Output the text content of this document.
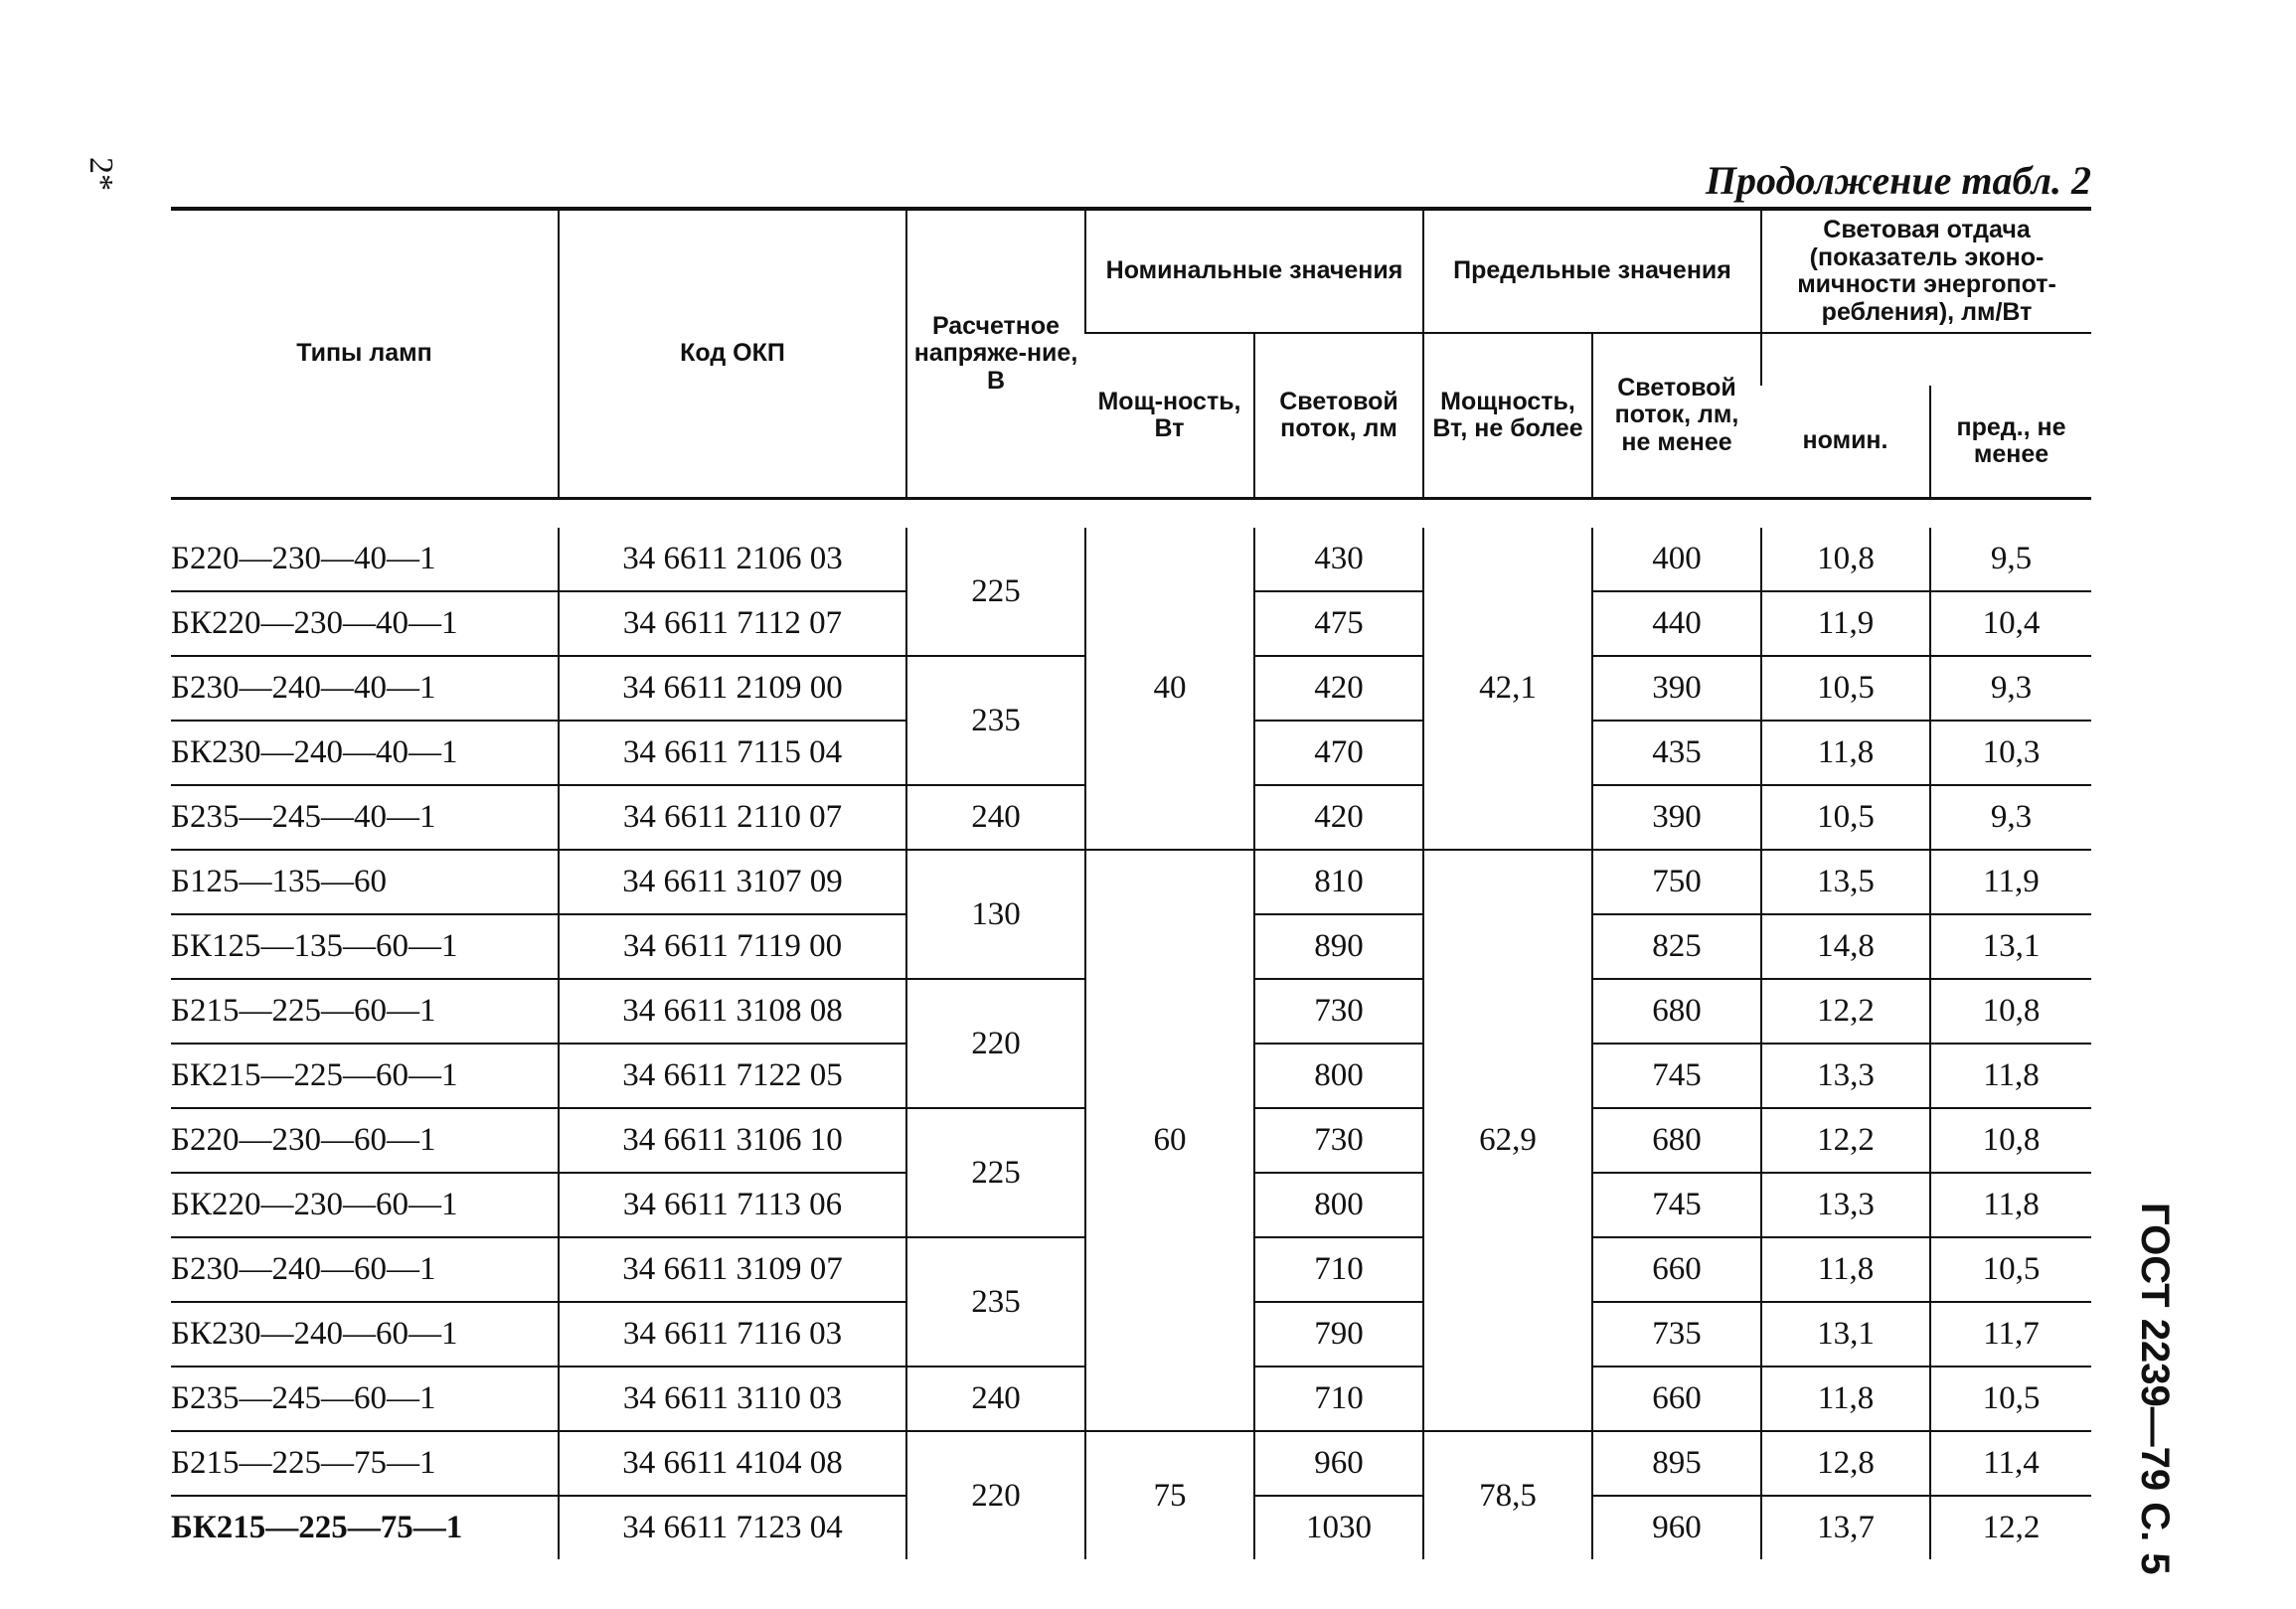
2*	Продолжение табл. 2
ГОСТ 2239—79 С. 5
Типы ламп	Код ОКП	Расчетное напряже-ние, В	Номинальные значения		Предельные значения		Световая отдача (показатель эконо-мичности энергопот-ребления), лм/Вт	
			Мощ-ность, Вт	Световой поток, лм	Мощность, Вт, не более	Световой поток, лм, не менее		
							номин.	пред., не менее

Б220—230—40—1	34 6611 2106 03	225	40	430	42,1	400	10,8	9,5
БК220—230—40—1	34 6611 7112 07			475		440	11,9	10,4
Б230—240—40—1	34 6611 2109 00	235		420		390	10,5	9,3
БК230—240—40—1	34 6611 7115 04			470		435	11,8	10,3
Б235—245—40—1	34 6611 2110 07	240		420		390	10,5	9,3
Б125—135—60	34 6611 3107 09	130	60	810	62,9	750	13,5	11,9
БК125—135—60—1	34 6611 7119 00			890		825	14,8	13,1
Б215—225—60—1	34 6611 3108 08	220		730		680	12,2	10,8
БК215—225—60—1	34 6611 7122 05			800		745	13,3	11,8
Б220—230—60—1	34 6611 3106 10	225		730		680	12,2	10,8
БК220—230—60—1	34 6611 7113 06			800		745	13,3	11,8
Б230—240—60—1	34 6611 3109 07	235		710		660	11,8	10,5
БК230—240—60—1	34 6611 7116 03			790		735	13,1	11,7
Б235—245—60—1	34 6611 3110 03	240		710		660	11,8	10,5
Б215—225—75—1	34 6611 4104 08	220	75	960	78,5	895	12,8	11,4
БК215—225—75—1	34 6611 7123 04			1030		960	13,7	12,2
